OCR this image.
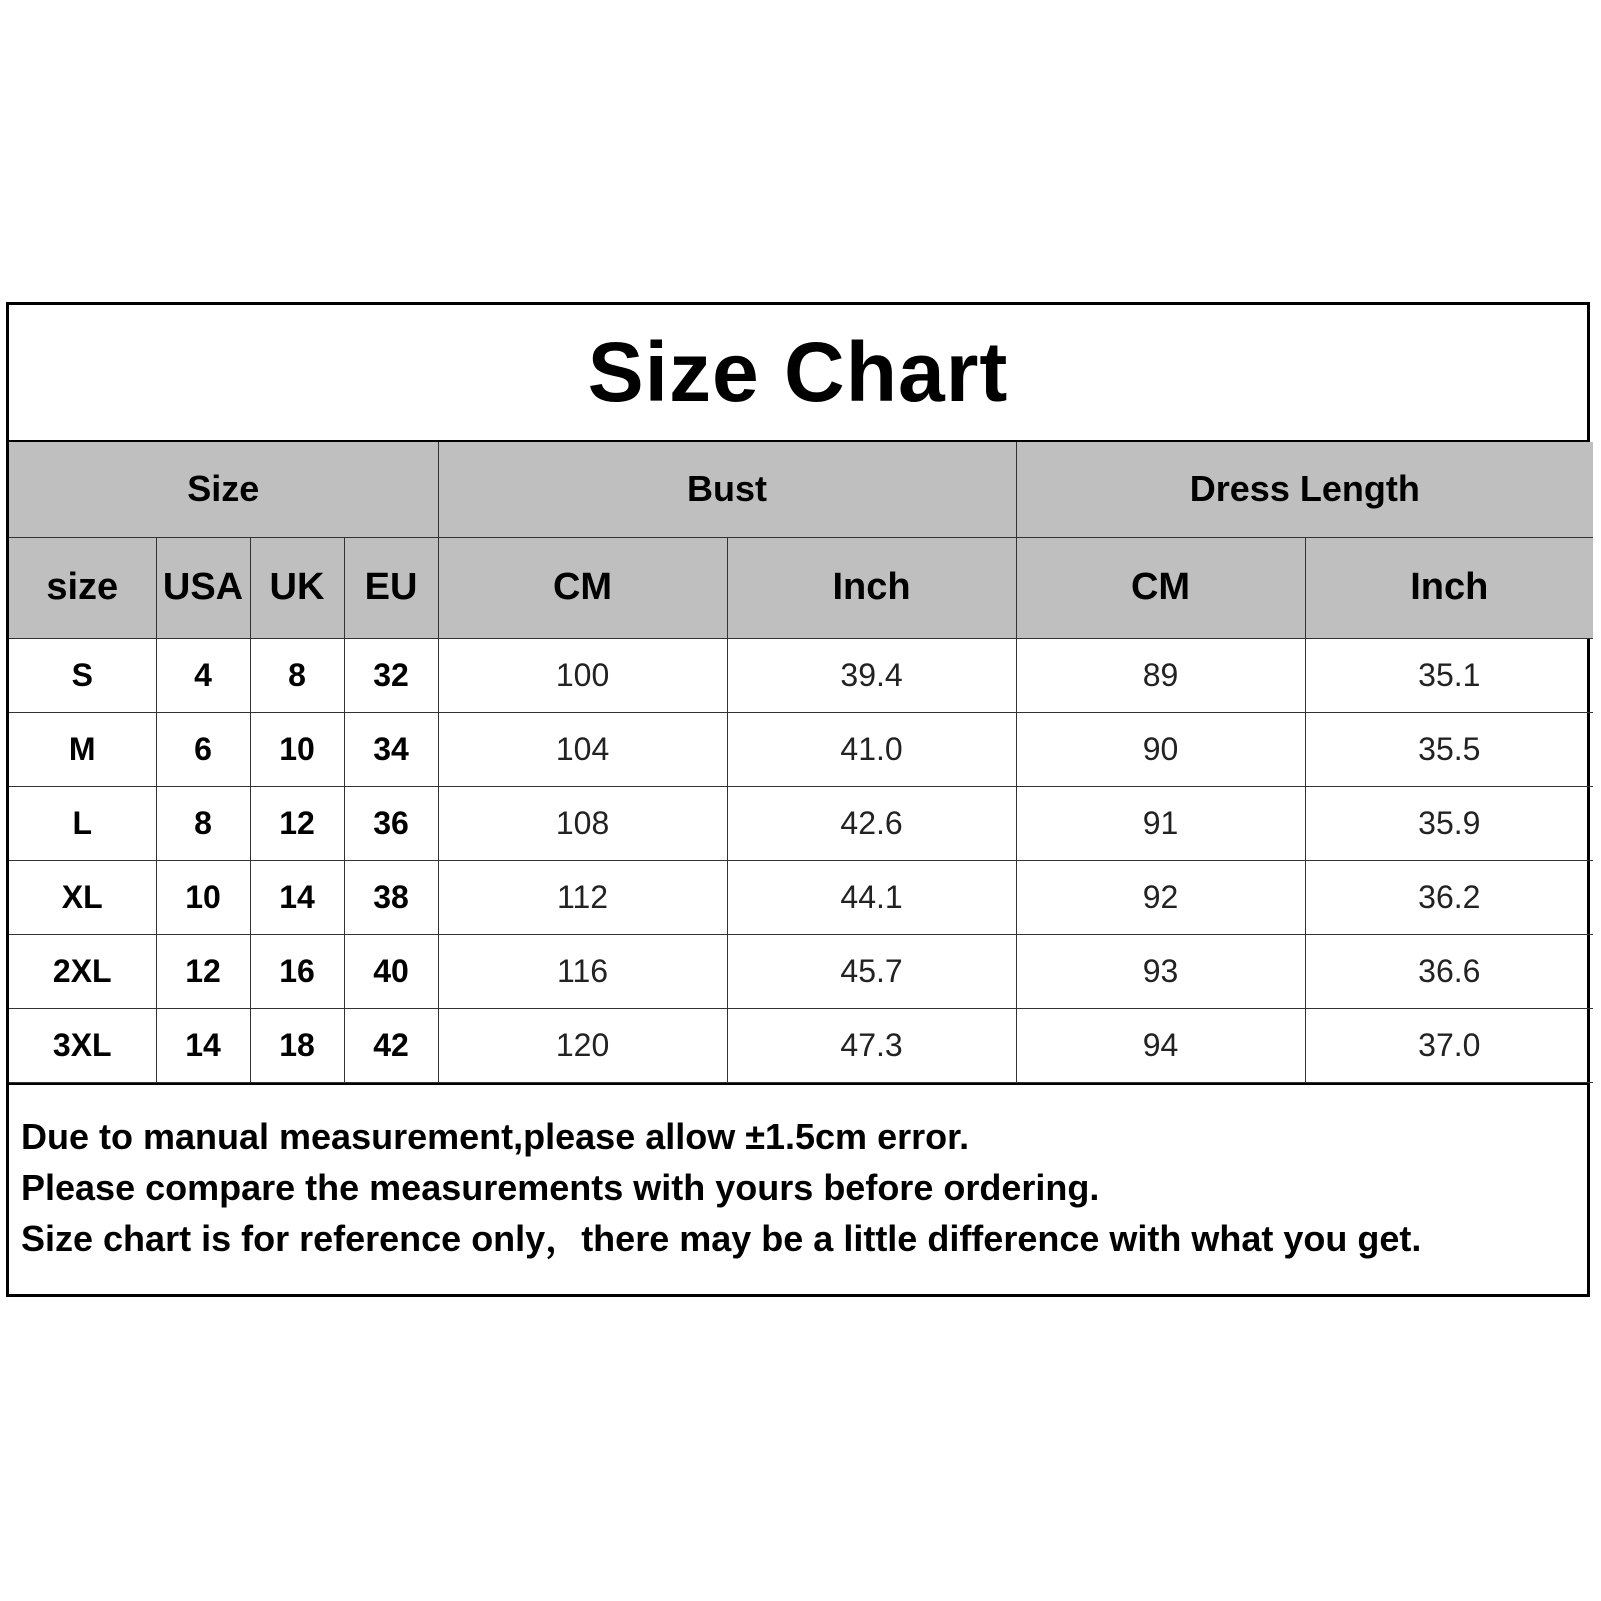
Size Chart
Size				Bust		Dress Length	
size	USA	UK	EU	CM	Inch	CM	Inch
S	4	8	32	100	39.4	89	35.1
M	6	10	34	104	41.0	90	35.5
L	8	12	36	108	42.6	91	35.9
XL	10	14	38	112	44.1	92	36.2
2XL	12	16	40	116	45.7	93	36.6
3XL	14	18	42	120	47.3	94	37.0
Due to manual measurement,please allow ±1.5cm error.
Please compare the measurements with yours before ordering.
Size chart is for reference only，there may be a little difference with what you get.
